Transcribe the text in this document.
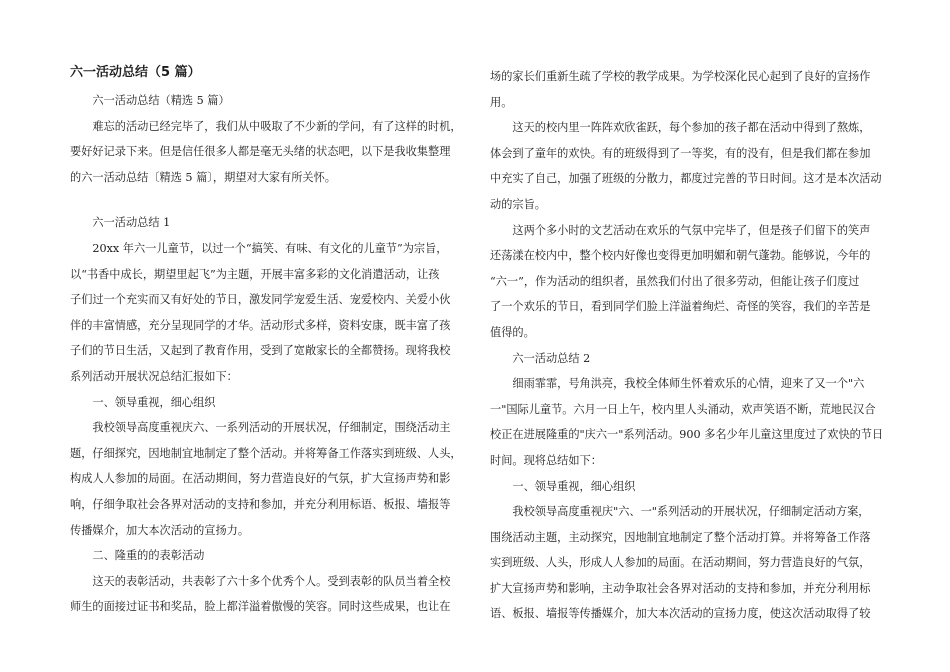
六一活动总结（5 篇）

六一活动总结（精选 5 篇）

难忘的活动已经完毕了，我们从中吸取了不少新的学问，有了这样的时机，
要好好记录下来。但是信任很多人都是毫无头绪的状态吧，以下是我收集整理
的六一活动总结〔精选 5 篇〕，期望对大家有所关怀。

六一活动总结 1

20xx 年六一儿童节，以过一个“搞笑、有味、有文化的儿童节”为宗旨，
以“书香中成长，期望里起飞”为主题，开展丰富多彩的文化消遣活动，让孩
子们过一个充实而又有好处的节日，激发同学宠爱生活、宠爱校内、关爱小伙
伴的丰富情感，充分呈现同学的才华。活动形式多样，资料安康，既丰富了孩
子们的节日生活，又起到了教育作用，受到了宽敞家长的全都赞扬。现将我校
系列活动开展状况总结汇报如下：

一、领导重视，细心组织

我校领导高度重视庆六、一系列活动的开展状况，仔细制定，围绕活动主
题，仔细探究，因地制宜地制定了整个活动。并将筹备工作落实到班级、人头，
构成人人参加的局面。在活动期间，努力营造良好的气氛，扩大宣扬声势和影
响，仔细争取社会各界对活动的支持和参加，并充分利用标语、板报、墙报等
传播媒介，加大本次活动的宣扬力。

二、隆重的的表彰活动

这天的表彰活动，共表彰了六十多个优秀个人。受到表彰的队员当着全校
师生的面接过证书和奖品，脸上都洋溢着傲慢的笑容。同时这些成果，也让在

场的家长们重新生疏了学校的教学成果。为学校深化民心起到了良好的宣扬作
用。

这天的校内里一阵阵欢欣雀跃，每个参加的孩子都在活动中得到了熬炼，
体会到了童年的欢快。有的班级得到了一等奖，有的没有，但是我们都在参加
中充实了自己，加强了班级的分散力，都度过完善的节日时间。这才是本次活动
动的宗旨。

这两个多小时的文艺活动在欢乐的气氛中完毕了，但是孩子们留下的笑声
还荡漾在校内中，整个校内好像也变得更加明媚和朝气蓬勃。能够说，今年的
“六一”，作为活动的组织者，虽然我们付出了很多劳动，但能让孩子们度过
了一个欢乐的节日，看到同学们脸上洋溢着绚烂、奇怪的笑容，我们的辛苦是
值得的。

六一活动总结 2

细雨霏霏，号角洪亮，我校全体师生怀着欢乐的心情，迎来了又一个"六
一"国际儿童节。六月一日上午，校内里人头涌动，欢声笑语不断，荒地民汉合
校正在进展隆重的"庆六一"系列活动。900 多名少年儿童这里度过了欢快的节日
时间。现将总结如下：

一、领导重视，细心组织

我校领导高度重视庆"六、一"系列活动的开展状况，仔细制定活动方案，
围绕活动主题，主动探究，因地制宜地制定了整个活动打算。并将筹备工作落
实到班级、人头，形成人人参加的局面。在活动期间，努力营造良好的气氛，
扩大宣扬声势和影响，主动争取社会各界对活动的支持和参加，并充分利用标
语、板报、墙报等传播媒介，加大本次活动的宣扬力度，使这次活动取得了较
